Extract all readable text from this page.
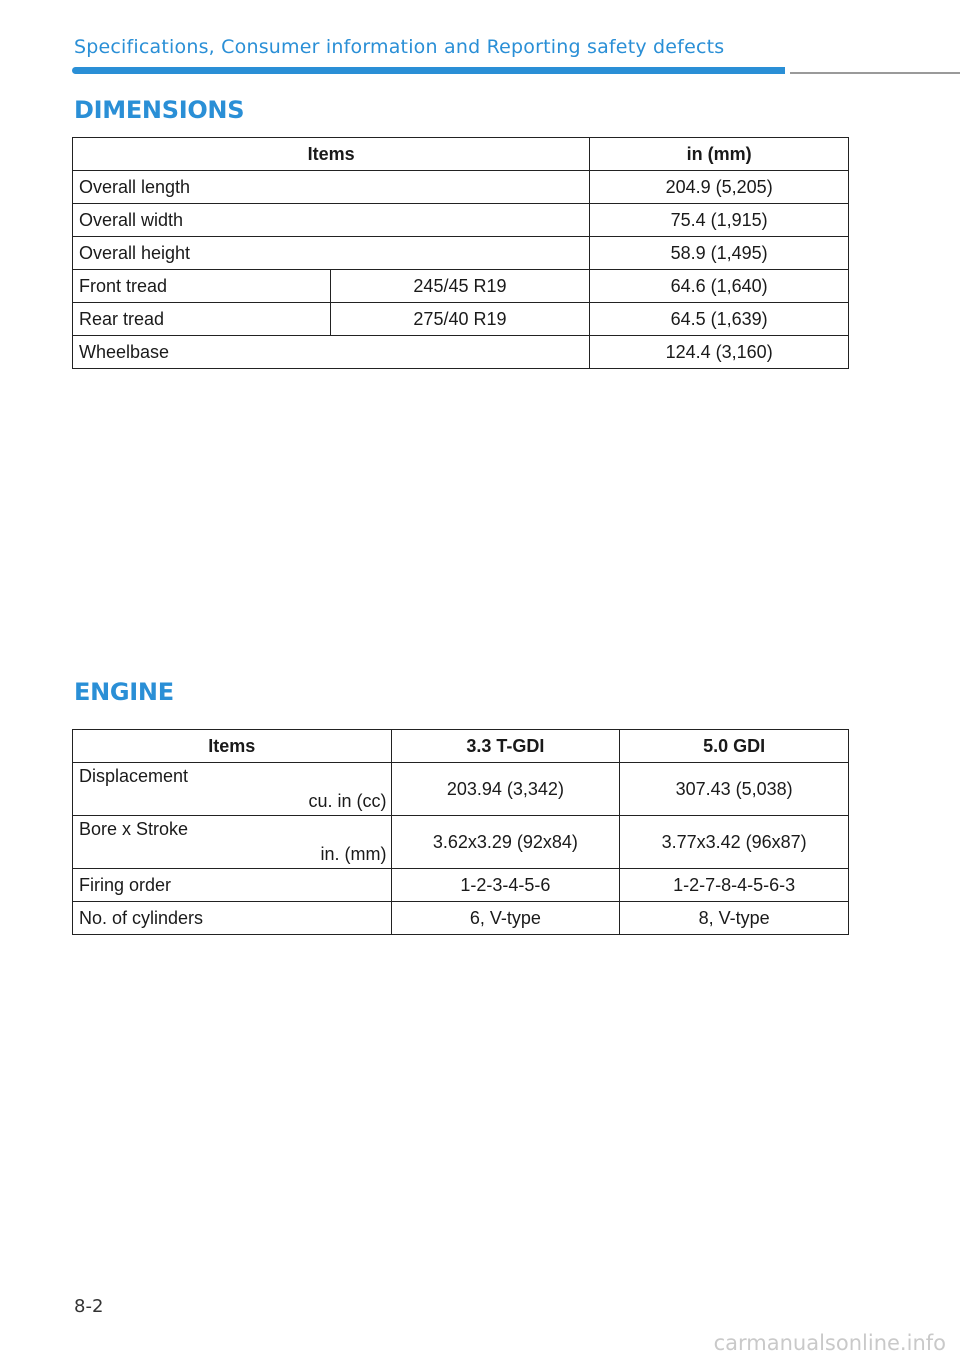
Specifications, Consumer information and Reporting safety defects
DIMENSIONS
Items		in (mm)
Overall length		204.9 (5,205)
Overall width		75.4 (1,915)
Overall height		58.9 (1,495)
Front tread	245/45 R19	64.6 (1,640)
Rear tread	275/40 R19	64.5 (1,639)
Wheelbase		124.4 (3,160)
ENGINE
Items	3.3 T-GDI	5.0 GDI

Displacement
cu. in (cc)	203.94 (3,342)	307.43 (5,038)

Bore x Stroke
in. (mm)	3.62x3.29 (92x84)	3.77x3.42 (96x87)
Firing order	1-2-3-4-5-6	1-2-7-8-4-5-6-3
No. of cylinders	6, V-type	8, V-type
8-2
carmanualsonline.info
